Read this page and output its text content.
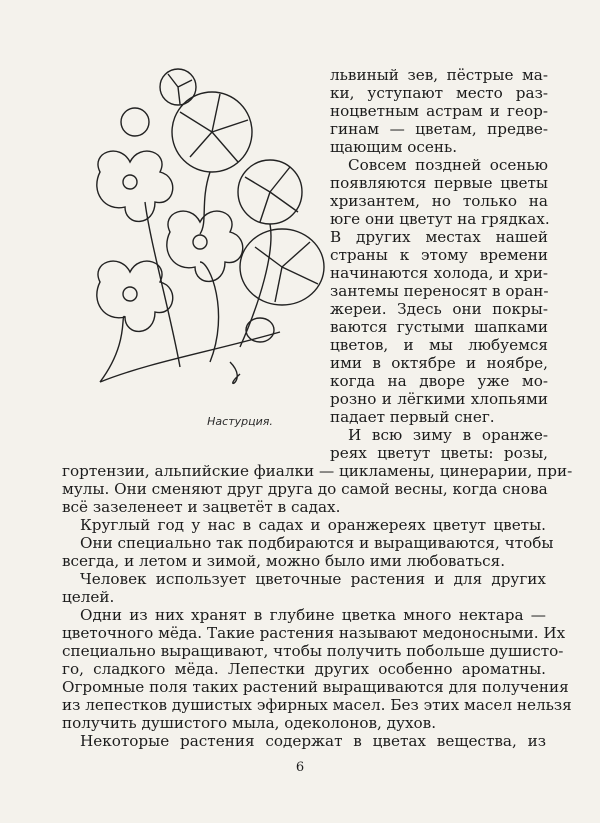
Настурция.
львиный зев, пёстрые ма-
ки, уступают место раз-
ноцветным астрам и геор-
гинам — цветам, предве-
щающим осень.
Совсем поздней осенью
появляются первые цветы
хризантем, но только на
юге они цветут на грядках.
В других местах нашей
страны к этому времени
начинаются холода, и хри-
зантемы переносят в оран-
жереи. Здесь они покры-
ваются густыми шапками
цветов, и мы любуемся
ими в октябре и ноябре,
когда на дворе уже мо-
розно и лёгкими хлопьями
падает первый снег.
И всю зиму в оранже-
реях цветут цветы: розы,
гортензии, альпийские фиалки — цикламены, цинерарии, при-
мулы. Они сменяют друг друга до самой весны, когда снова
всё зазеленеет и зацветёт в садах.
Круглый год у нас в садах и оранжереях цветут цветы.
Они специально так подбираются и выращиваются, чтобы
всегда, и летом и зимой, можно было ими любоваться.
Человек использует цветочные растения и для других
целей.
Одни из них хранят в глубине цветка много нектара —
цветочного мёда. Такие растения называют медоносными. Их
специально выращивают, чтобы получить побольше душисто-
го, сладкого мёда. Лепестки других особенно ароматны.
Огромные поля таких растений выращиваются для получения
из лепестков душистых эфирных масел. Без этих масел нельзя
получить душистого мыла, одеколонов, духов.
Некоторые растения содержат в цветах вещества, из
6
